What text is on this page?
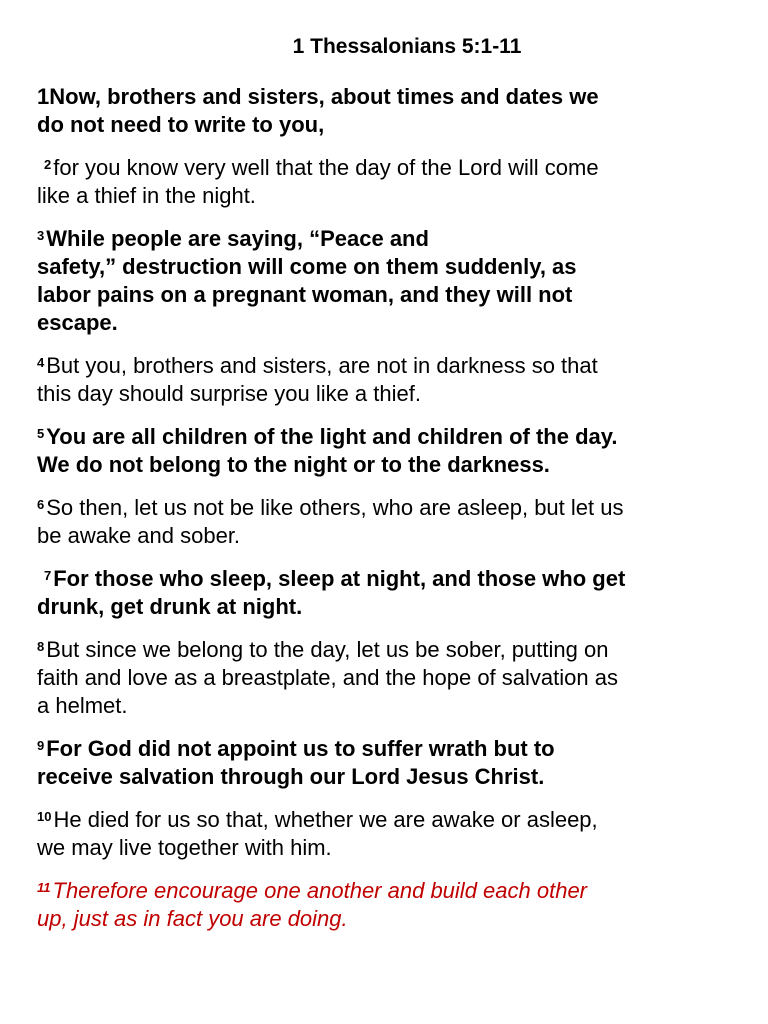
1 Thessalonians 5:1-11
1Now, brothers and sisters, about times and dates we
do not need to write to you,
$^2$for you know very well that the day of the Lord will come
like a thief in the night.
$^3$While people are saying, “Peace and
safety,” destruction will come on them suddenly, as
labor pains on a pregnant woman, and they will not
escape.
$^4$But you, brothers and sisters, are not in darkness so that
this day should surprise you like a thief.
$^5$You are all children of the light and children of the day.
We do not belong to the night or to the darkness.
$^6$So then, let us not be like others, who are asleep, but let us
be awake and sober.
$^7$For those who sleep, sleep at night, and those who get
drunk, get drunk at night.
$^8$But since we belong to the day, let us be sober, putting on
faith and love as a breastplate, and the hope of salvation as
a helmet.
$^9$For God did not appoint us to suffer wrath but to
receive salvation through our Lord Jesus Christ.
$^{10}$He died for us so that, whether we are awake or asleep,
we may live together with him.
$^{11}$Therefore encourage one another and build each other
up, just as in fact you are doing.
